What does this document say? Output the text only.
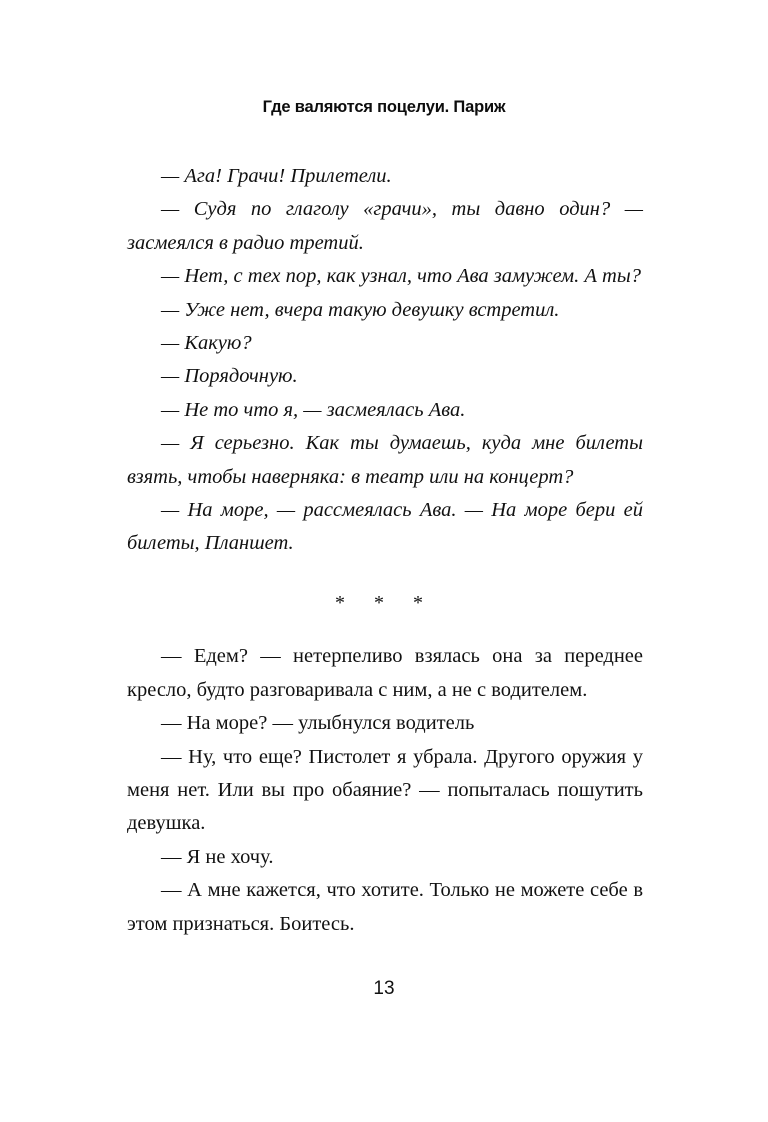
Где валяются поцелуи. Париж

— Ага! Грачи! Прилетели.

— Судя по глаголу «грачи», ты давно один? — засмеялся в радио третий.

— Нет, с тех пор, как узнал, что Ава замужем. А ты?

— Уже нет, вчера такую девушку встретил.

— Какую?

— Порядочную.

— Не то что я, — засмеялась Ава.

— Я серьезно. Как ты думаешь, куда мне билеты взять, чтобы наверняка: в театр или на концерт?

— На море, — рассмеялась Ава. — На море бери ей билеты, Планшет.

* * *

— Едем? — нетерпеливо взялась она за переднее кресло, будто разговаривала с ним, а не с водителем.

— На море? — улыбнулся водитель

— Ну, что еще? Пистолет я убрала. Другого оружия у меня нет. Или вы про обаяние? — попыталась пошутить девушка.

— Я не хочу.

— А мне кажется, что хотите. Только не можете себе в этом признаться. Боитесь.

13
